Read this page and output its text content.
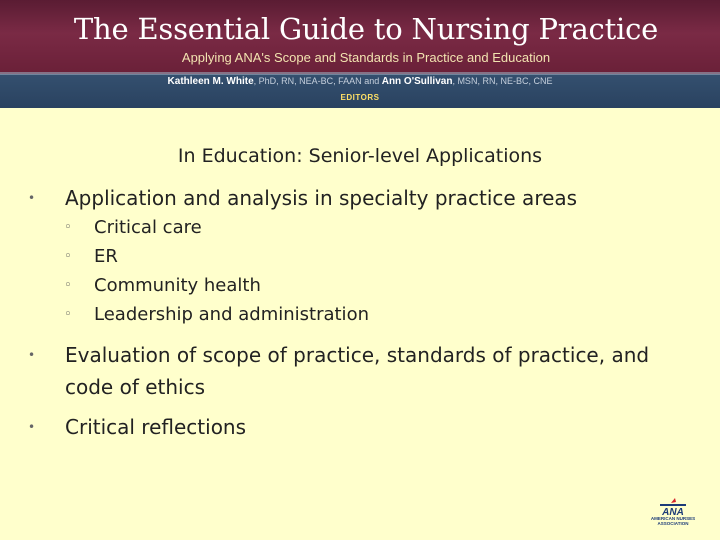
The Essential Guide to Nursing Practice
Applying ANA's Scope and Standards in Practice and Education
Kathleen M. White, PhD, RN, NEA-BC, FAAN and Ann O'Sullivan, MSN, RN, NE-BC, CNE
EDITORS
In Education: Senior-level Applications
• Application and analysis in specialty practice areas
◦ Critical care
◦ ER
◦ Community health
◦ Leadership and administration
• Evaluation of scope of practice, standards of practice, and
code of ethics
• Critical reflections
ANA
AMERICAN NURSES ASSOCIATION
